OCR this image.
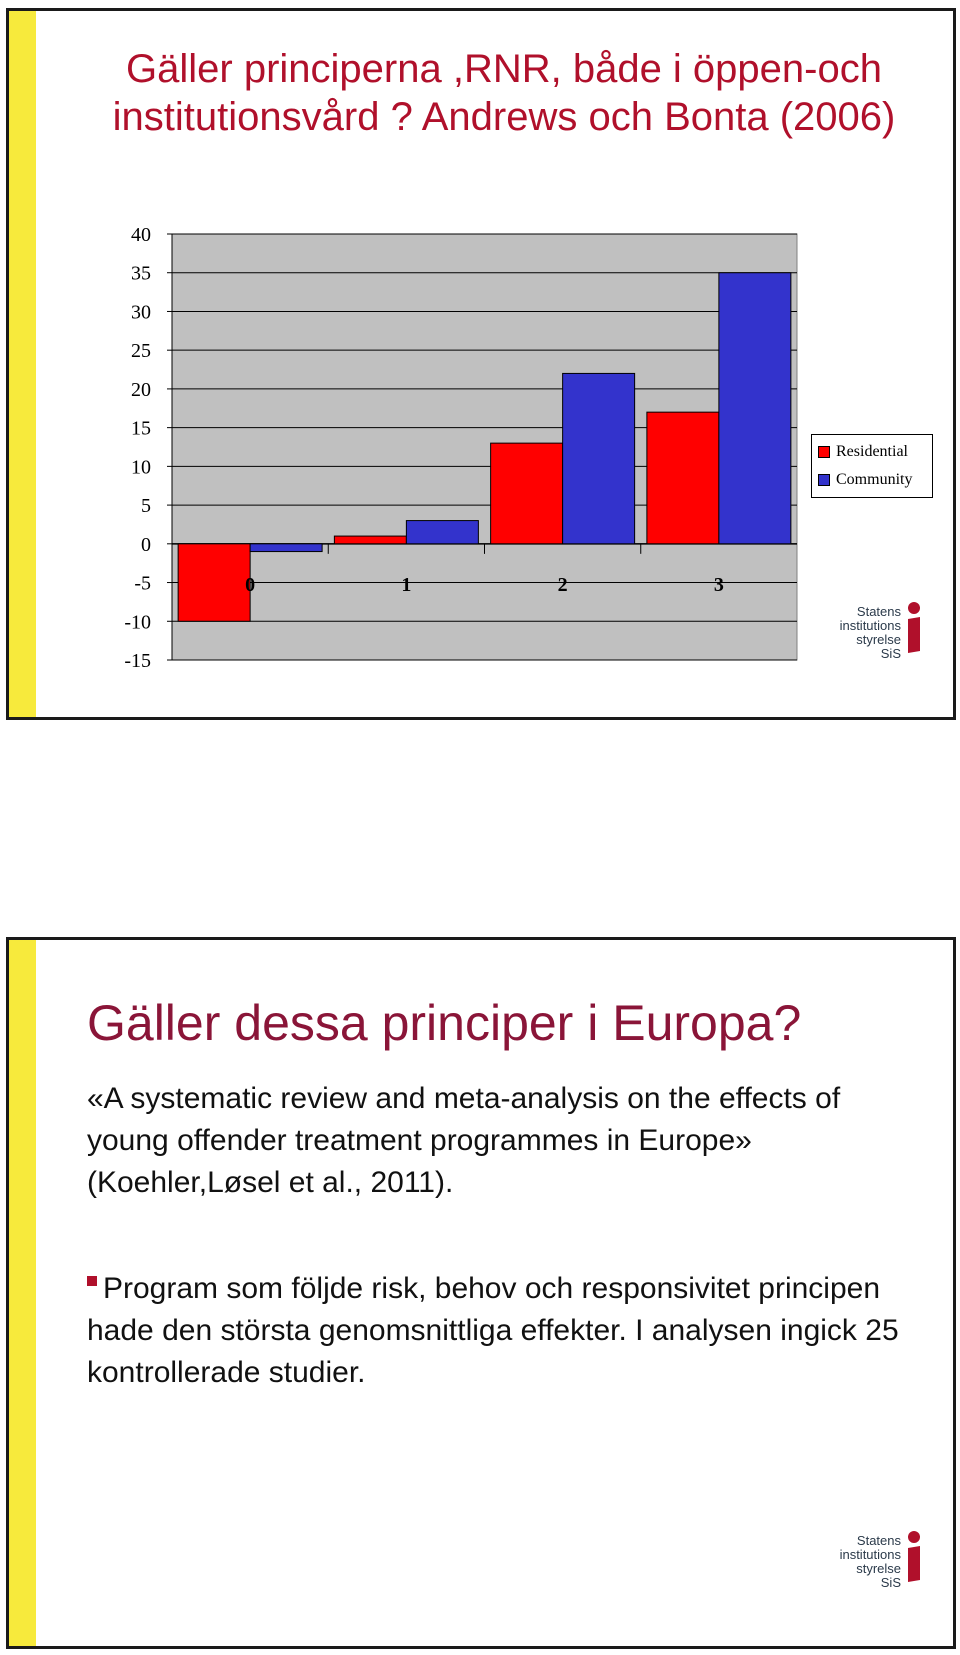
Gäller principerna ,RNR, både i öppen-och institutionsvård ? Andrews och Bonta (2006)
40
35
30
25
20
15
10
5
0
-5
-10
-15
0	1	2	3
Residential
Community
Statens
institutions
styrelse SiS
Gäller dessa principer i Europa?

«A systematic review and meta-analysis on the effects of young offender treatment programmes in Europe» (Koehler,Løsel et al., 2011).

Program som följde risk, behov och responsivitet principen hade den största genomsnittliga effekter. I analysen ingick 25 kontrollerade studier.

Statens
institutions
styrelse SiS
